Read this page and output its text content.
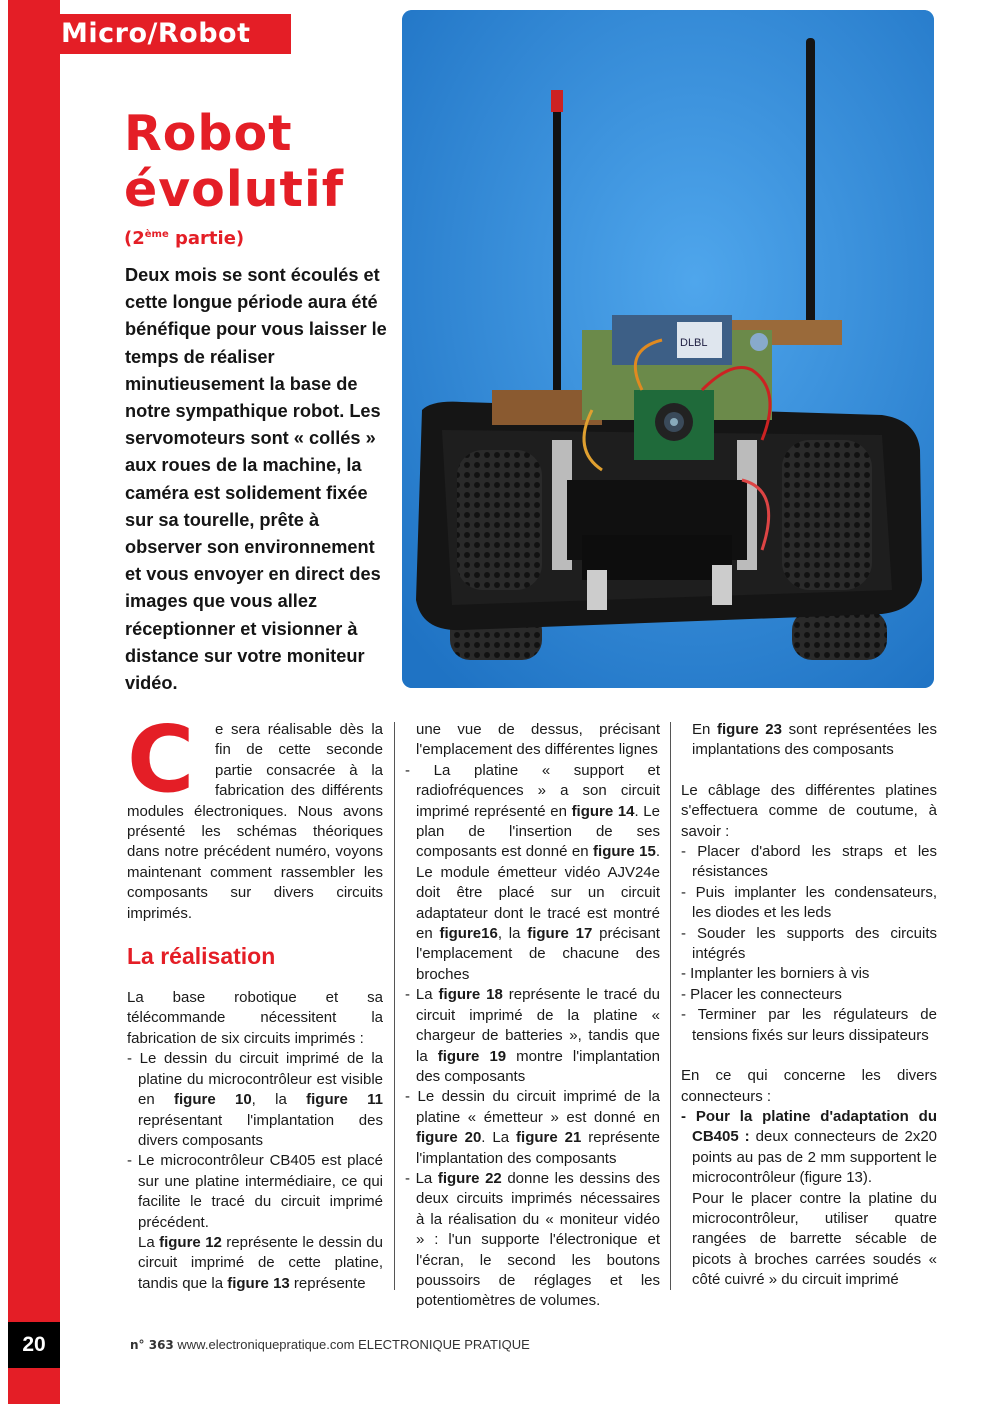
20
Micro/Robot
Robot
évolutif
(2ème partie)
Deux mois se sont écoulés et cette longue période aura été bénéfique pour vous laisser le temps de réaliser minutieusement la base de notre sympathique robot. Les servomoteurs sont « collés » aux roues de la machine, la caméra est solidement fixée sur sa tourelle, prête à observer son environnement et vous envoyer en direct des images que vous allez réceptionner et visionner à distance sur votre moniteur vidéo.
DLBL
C	e sera réalisable dès la fin de cette seconde partie consacrée à la fabrication des différents modules électroniques. Nous avons présenté les schémas théoriques dans notre précédent numéro, voyons maintenant comment rassembler les composants sur divers circuits imprimés.
La réalisation

La base robotique et sa télécommande nécessitent la fabrication de six circuits imprimés :

- Le dessin du circuit imprimé de la platine du microcontrôleur est visible en figure 10, la figure 11 représentant l'implantation des divers composants

- Le microcontrôleur CB405 est placé sur une platine intermédiaire, ce qui facilite le tracé du circuit imprimé précédent.

La figure 12 représente le dessin du circuit imprimé de cette platine, tandis que la figure 13 représente

une vue de dessus, précisant l'emplacement des différentes lignes

- La platine « support et radiofréquences » a son circuit imprimé représenté en figure 14. Le plan de l'insertion de ses composants est donné en figure 15. Le module émetteur vidéo AJV24e doit être placé sur un circuit adaptateur dont le tracé est montré en figure16, la figure 17 précisant l'emplacement de chacune des broches

- La figure 18 représente le tracé du circuit imprimé de la platine « chargeur de batteries », tandis que la figure 19 montre l'implantation des composants

- Le dessin du circuit imprimé de la platine « émetteur » est donné en figure 20. La figure 21 représente l'implantation des composants

- La figure 22 donne les dessins des deux circuits imprimés nécessaires à la réalisation du « moniteur vidéo » : l'un supporte l'électronique et l'écran, le second les boutons poussoirs de réglages et les potentiomètres de volumes.

En figure 23 sont représentées les implantations des composants

Le câblage des différentes platines s'effectuera comme de coutume, à savoir :

- Placer d'abord les straps et les résistances

- Puis implanter les condensateurs, les diodes et les leds

- Souder les supports des circuits intégrés

- Implanter les borniers à vis

- Placer les connecteurs

- Terminer par les régulateurs de tensions fixés sur leurs dissipateurs

En ce qui concerne les divers connecteurs :

- Pour la platine d'adaptation du CB405 : deux connecteurs de 2x20 points au pas de 2 mm supportent le microcontrôleur (figure 13).

Pour le placer contre la platine du microcontrôleur, utiliser quatre rangées de barrette sécable de picots à broches carrées soudés « côté cuivré » du circuit imprimé

n° 363 www.electroniquepratique.com ELECTRONIQUE PRATIQUE
